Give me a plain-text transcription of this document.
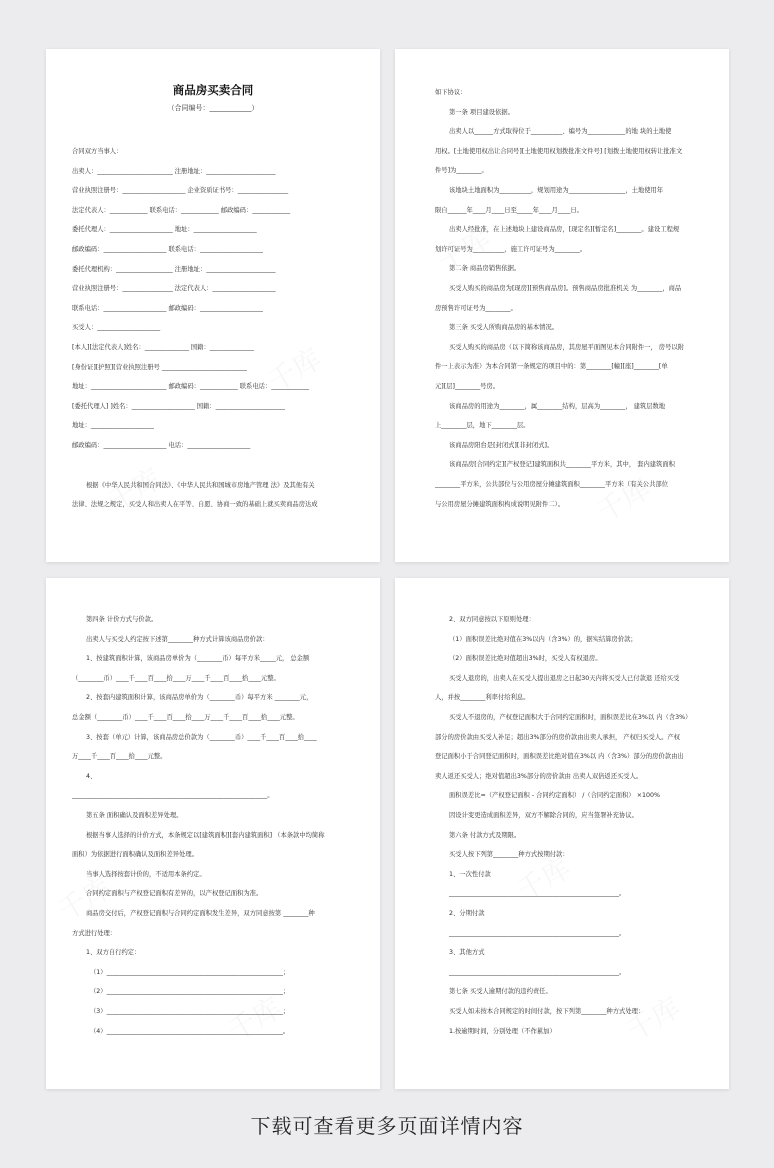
商品房买卖合同
（合同编号：____________）
合同双方当事人：
出卖人：________________________ 注册地址：______________________
营业执照注册号：____________________ 企业资质证书号：________________
法定代表人：____________ 联系电话：____________ 邮政编码：____________
委托代理人：____________________ 地址：____________________
邮政编码：____________________ 联系电话：____________________
委托代理机构：__________________ 注册地址：______________________
营业执照注册号：________________ 法定代表人：____________________
联系电话：____________________ 邮政编码：____________________
买受人：____________________
[本人][法定代表人]姓名：______________ 国籍：______________
[身份证][护照][营业执照注册号 ___________________________
地址：________________________ 邮政编码：____________ 联系电话：____________
[委托代理人] ]姓名：____________________ 国籍：______________________
地址：____________________
邮政编码：____________________ 电话：____________________
根据《中华人民共和国合同法》、《中华人民共和国城市房地产管理 法》及其他有关
法律、法规之规定，买受人和出卖人在平等、自愿、协商一致的基础上就买卖商品房达成
如下协议：
第一条 项目建设依据。
出卖人以______方式取得位于__________、编号为____________的地 块的土地使
用权。[土地使用权出让合同号][土地使用权划拨批准文件号] [划拨土地使用权转让批准文
件号]为________。
该地块土地面积为__________，规划用途为__________________，土地使用年
限自______年____月____日至_____年____月____日。
出卖人经批准，在上述地块上建设商品房，[现定名][暂定名]________。建设工程规
划许可证号为__________，施工许可证号为________。
第二条 商品房销售依据。
买受人购买的商品房为[现房][预售商品房]。预售商品房批准机关 为________，商品
房预售许可证号为________。
第三条 买受人所购商品房的基本情况。
买受人购买的商品房（以下简称该商品房，其房屋平面图见本合同附件一， 房号以附
件一上表示为准）为本合同第一条规定的项目中的：第________[幢][座]________[单
元][层]________号房。
该商品房的用途为________，属________结构，层高为________， 建筑层数地
上________层，地下________层。
该商品房阳台是[封闭式][非封闭式]。
该商品房[合同约定][产权登记]建筑面积共________平方米，其中， 套内建筑面积
________平方米，公共部位与公用房屋分摊建筑面积________平方米（有关公共部位
与公用房屋分摊建筑面积构成说明见附件二）。
第四条 计价方式与价款。
出卖人与买受人约定按下述第________种方式计算该商品房价款：
1、按建筑面积计算，该商品房单价为（________币）每平方米_____元， 总金额
（________币）____千____百____拾____万____千____百____拾____元整。
2、按套内建筑面积计算，该商品房单价为（________币）每平方米 ________元，
总金额（________币）____千____百____拾____万____千____百____拾____元整。
3、按套（单元）计算，该商品房总价款为（________币）____千____百____拾____
万____千____百____拾____元整。
4、
______________________________________________________________。
第五条 面积确认及面积差异处理。
根据当事人选择的计价方式，本条规定以[建筑面积][套内建筑面积] （本条款中均简称
面积）为依据进行面积确认及面积差异处理。
当事人选择按套计价的，不适用本条约定。
合同约定面积与产权登记面积有差异的，以产权登记面积为准。
商品房交付后，产权登记面积与合同约定面积发生差异，双方同意按第 ________种
方式进行处理：
1、双方自行约定：
（1）________________________________________________________；
（2）________________________________________________________；
（3）________________________________________________________；
（4）________________________________________________________。
2、双方同意按以下原则处理：
（1）面积误差比绝对值在3%以内（含3%）的，据实结算房价款；
（2）面积误差比绝对值超出3%时，买受人有权退房。
买受人退房的，出卖人在买受人提出退房之日起30天内将买受人已付款退 还给买受
人，并按________利率付给利息。
买受人不退房的，产权登记面积大于合同约定面积时，面积误差比在3%以 内（含3%）
部分的房价款由买受人补足；超出3%部分的房价款由出卖人承担， 产权归买受人。产权
登记面积小于合同登记面积时，面积误差比绝对值在3%以 内（含3%）部分的房价款由出
卖人返还买受人；绝对值超出3%部分的房价款由 出卖人双倍返还买受人。
面积误差比=（产权登记面积 - 合同约定面积） /（合同约定面积） ×100%
因设计变更造成面积差异，双方不解除合同的，应当签署补充协议。
第六条 付款方式及期限。
买受人按下列第________种方式按期付款：
1、一次性付款
______________________________________________________。
2、分期付款
______________________________________________________。
3、其他方式
______________________________________________________。
第七条 买受人逾期付款的违约责任。
买受人如未按本合同规定的时间付款，按下列第________种方式处理：
1.按逾期时间，分别处理（不作累加）
下载可查看更多页面详情内容
